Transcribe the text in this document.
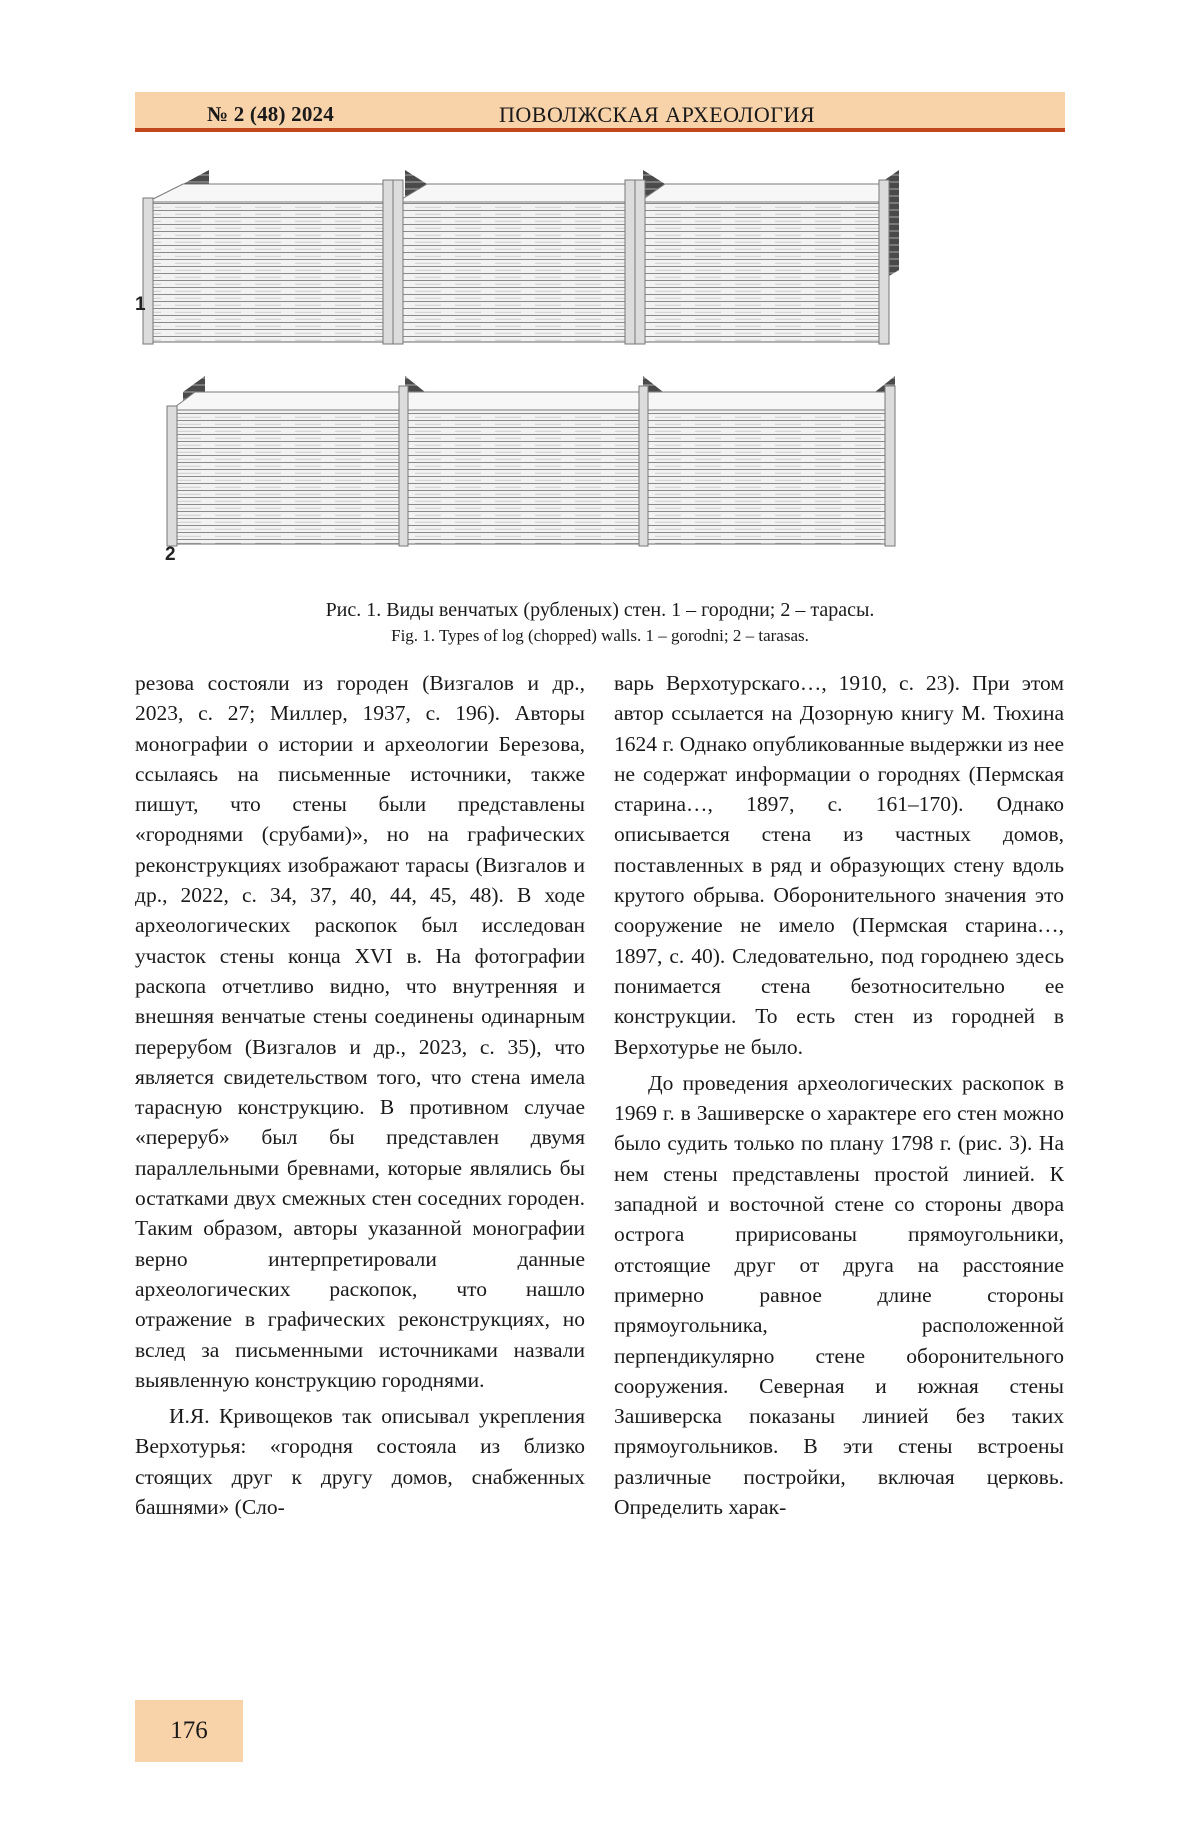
№ 2 (48) 2024	ПОВОЛЖСКАЯ АРХЕОЛОГИЯ
1
2
Рис. 1. Виды венчатых (рубленых) стен. 1 – городни; 2 – тарасы.
Fig. 1. Types of log (chopped) walls. 1 – gorodni; 2 – tarasas.

резова состояли из городен (Визгалов и др., 2023, с. 27; Миллер, 1937, с. 196). Авторы монографии о истории и археологии Березова, ссылаясь на письменные источники, также пишут, что стены были представлены «городнями (срубами)», но на графических реконструкциях изображают тарасы (Визгалов и др., 2022, с. 34, 37, 40, 44, 45, 48). В ходе археологических раскопок был исследован участок стены конца XVI в. На фотографии раскопа отчетливо видно, что внутренняя и внешняя венчатые стены соединены одинарным перерубом (Визгалов и др., 2023, с. 35), что является свидетельством того, что стена имела тарасную конструкцию. В противном случае «переруб» был бы представлен двумя параллельными бревнами, которые являлись бы остатками двух смежных стен соседних городен. Таким образом, авторы указанной монографии верно интерпретировали данные археологических раскопок, что нашло отражение в графических реконструкциях, но вслед за письменными источниками назвали выявленную конструкцию городнями.

И.Я. Кривощеков так описывал укрепления Верхотурья: «городня состояла из близко стоящих друг к другу домов, снабженных башнями» (Сло-

варь Верхотурскаго…, 1910, с. 23). При этом автор ссылается на Дозорную книгу М. Тюхина 1624 г. Однако опубликованные выдержки из нее не содержат информации о городнях (Пермская старина…, 1897, с. 161–170). Однако описывается стена из частных домов, поставленных в ряд и образующих стену вдоль крутого обрыва. Оборонительного значения это сооружение не имело (Пермская старина…, 1897, с. 40). Следовательно, под городнею здесь понимается стена безотносительно ее конструкции. То есть стен из городней в Верхотурье не было.

До проведения археологических раскопок в 1969 г. в Зашиверске о характере его стен можно было судить только по плану 1798 г. (рис. 3). На нем стены представлены простой линией. К западной и восточной стене со стороны двора острога пририсованы прямоугольники, отстоящие друг от друга на расстояние примерно равное длине стороны прямоугольника, расположенной перпендикулярно стене оборонительного сооружения. Северная и южная стены Зашиверска показаны линией без таких прямоугольников. В эти стены встроены различные постройки, включая церковь. Определить харак-

176
